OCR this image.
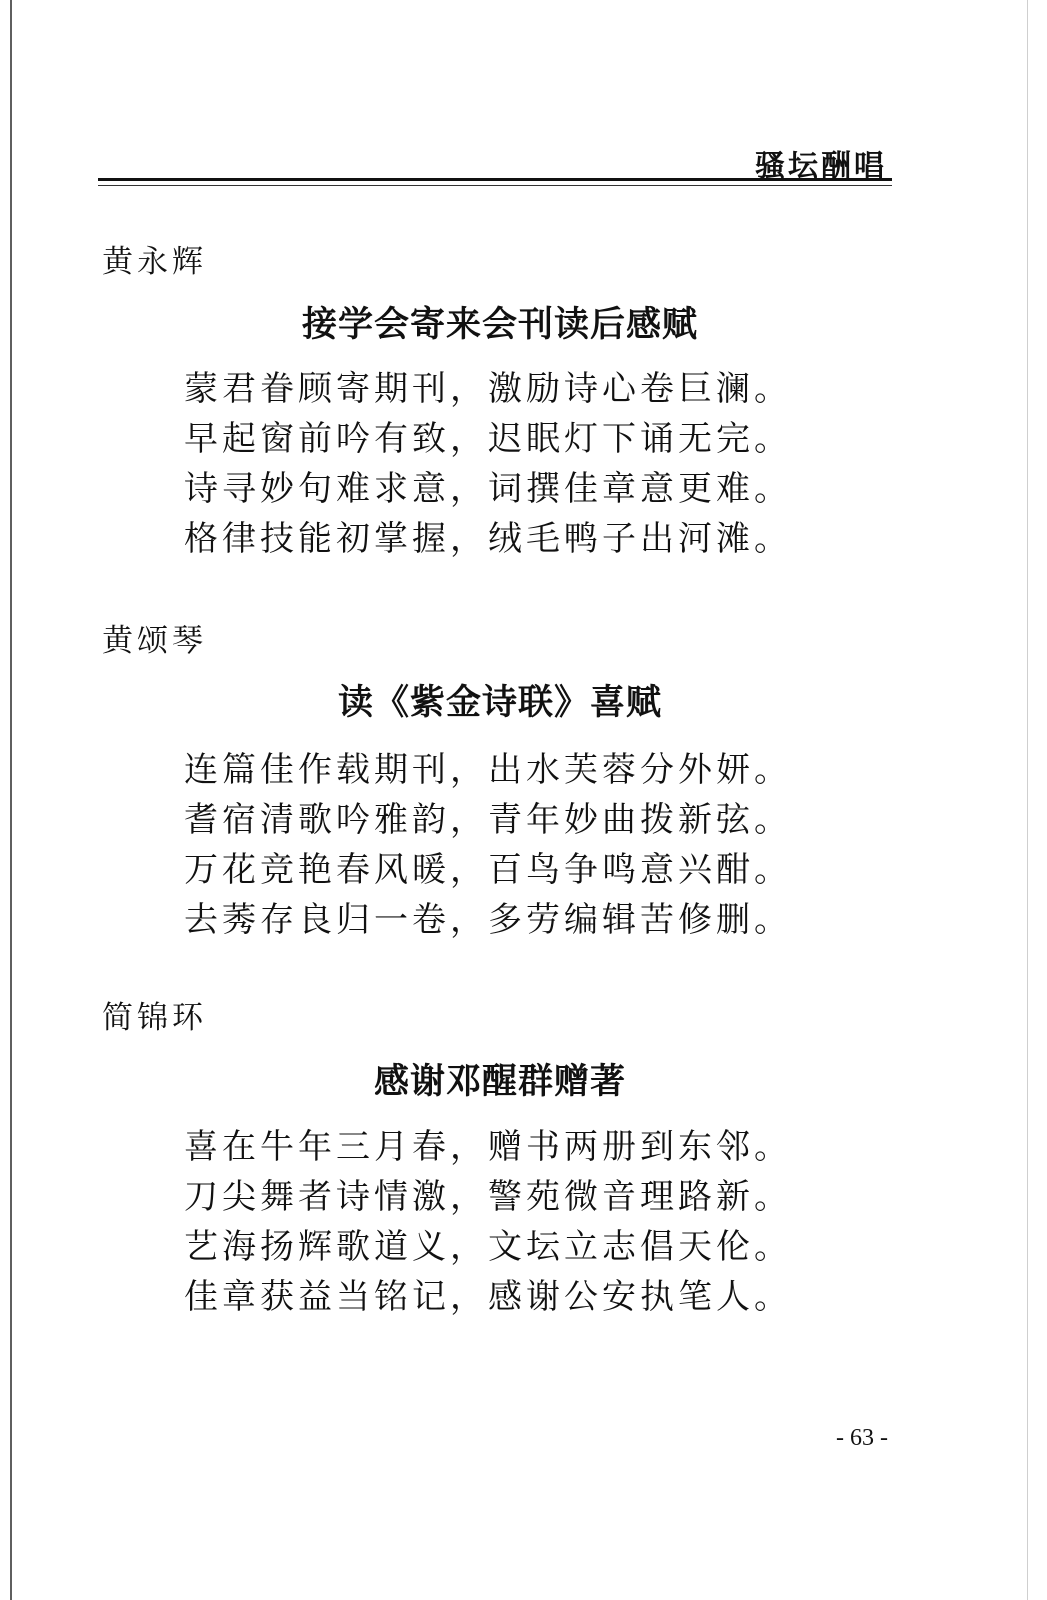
骚坛酬唱
黄永辉
接学会寄来会刊读后感赋
蒙君眷顾寄期刊，激励诗心卷巨澜。
早起窗前吟有致，迟眠灯下诵无完。
诗寻妙句难求意，词撰佳章意更难。
格律技能初掌握，绒毛鸭子出河滩。
黄颂琴
读《紫金诗联》喜赋
连篇佳作载期刊，出水芙蓉分外妍。
耆宿清歌吟雅韵，青年妙曲拨新弦。
万花竞艳春风暖，百鸟争鸣意兴酣。
去莠存良归一卷，多劳编辑苦修删。
简锦环
感谢邓醒群赠著
喜在牛年三月春，赠书两册到东邻。
刀尖舞者诗情激，警苑微音理路新。
艺海扬辉歌道义，文坛立志倡天伦。
佳章获益当铭记，感谢公安执笔人。
- 63 -
